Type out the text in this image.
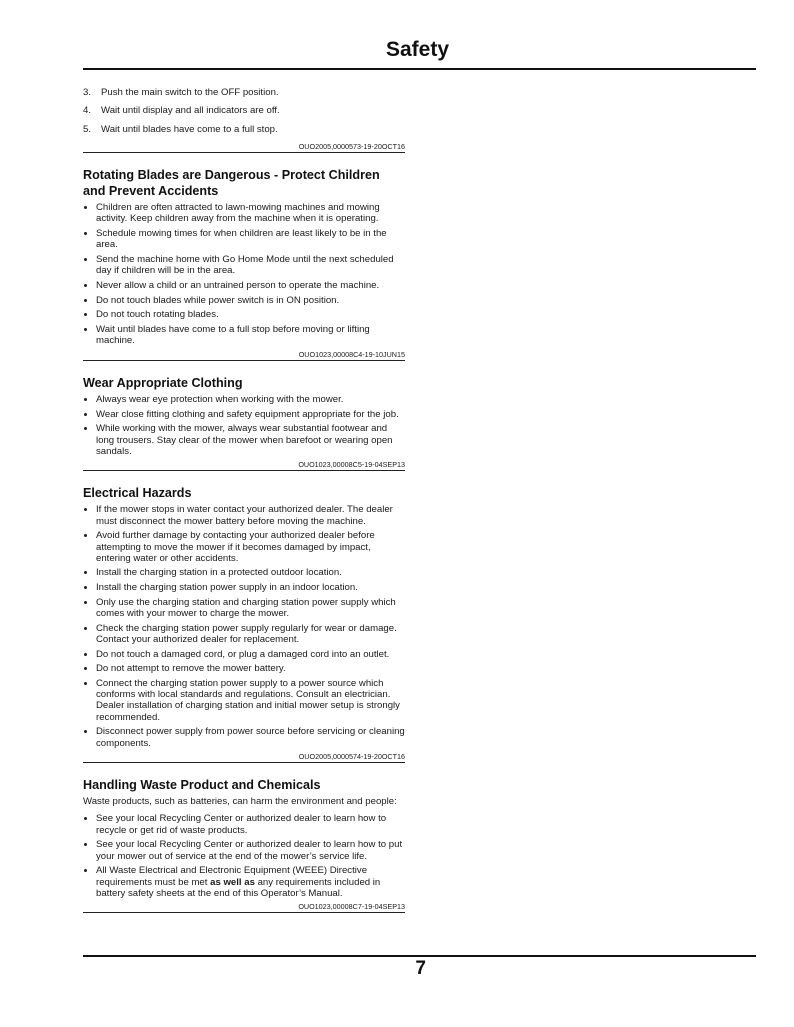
Safety
3. Push the main switch to the OFF position.
4. Wait until display and all indicators are off.
5. Wait until blades have come to a full stop.
OUO2005,0000573-19-20OCT16
Rotating Blades are Dangerous - Protect Children and Prevent Accidents
Children are often attracted to lawn-mowing machines and mowing activity. Keep children away from the machine when it is operating.
Schedule mowing times for when children are least likely to be in the area.
Send the machine home with Go Home Mode until the next scheduled day if children will be in the area.
Never allow a child or an untrained person to operate the machine.
Do not touch blades while power switch is in ON position.
Do not touch rotating blades.
Wait until blades have come to a full stop before moving or lifting machine.
OUO1023,00008C4-19-10JUN15
Wear Appropriate Clothing
Always wear eye protection when working with the mower.
Wear close fitting clothing and safety equipment appropriate for the job.
While working with the mower, always wear substantial footwear and long trousers. Stay clear of the mower when barefoot or wearing open sandals.
OUO1023,00008C5-19-04SEP13
Electrical Hazards
If the mower stops in water contact your authorized dealer. The dealer must disconnect the mower battery before moving the machine.
Avoid further damage by contacting your authorized dealer before attempting to move the mower if it becomes damaged by impact, entering water or other accidents.
Install the charging station in a protected outdoor location.
Install the charging station power supply in an indoor location.
Only use the charging station and charging station power supply which comes with your mower to charge the mower.
Check the charging station power supply regularly for wear or damage. Contact your authorized dealer for replacement.
Do not touch a damaged cord, or plug a damaged cord into an outlet.
Do not attempt to remove the mower battery.
Connect the charging station power supply to a power source which conforms with local standards and regulations. Consult an electrician. Dealer installation of charging station and initial mower setup is strongly recommended.
Disconnect power supply from power source before servicing or cleaning components.
OUO2005,0000574-19-20OCT16
Handling Waste Product and Chemicals

Waste products, such as batteries, can harm the environment and people:

See your local Recycling Center or authorized dealer to learn how to recycle or get rid of waste products.
See your local Recycling Center or authorized dealer to learn how to put your mower out of service at the end of the mower’s service life.
All Waste Electrical and Electronic Equipment (WEEE) Directive requirements must be met as well as any requirements included in battery safety sheets at the end of this Operator’s Manual.
OUO1023,00008C7-19-04SEP13
7
